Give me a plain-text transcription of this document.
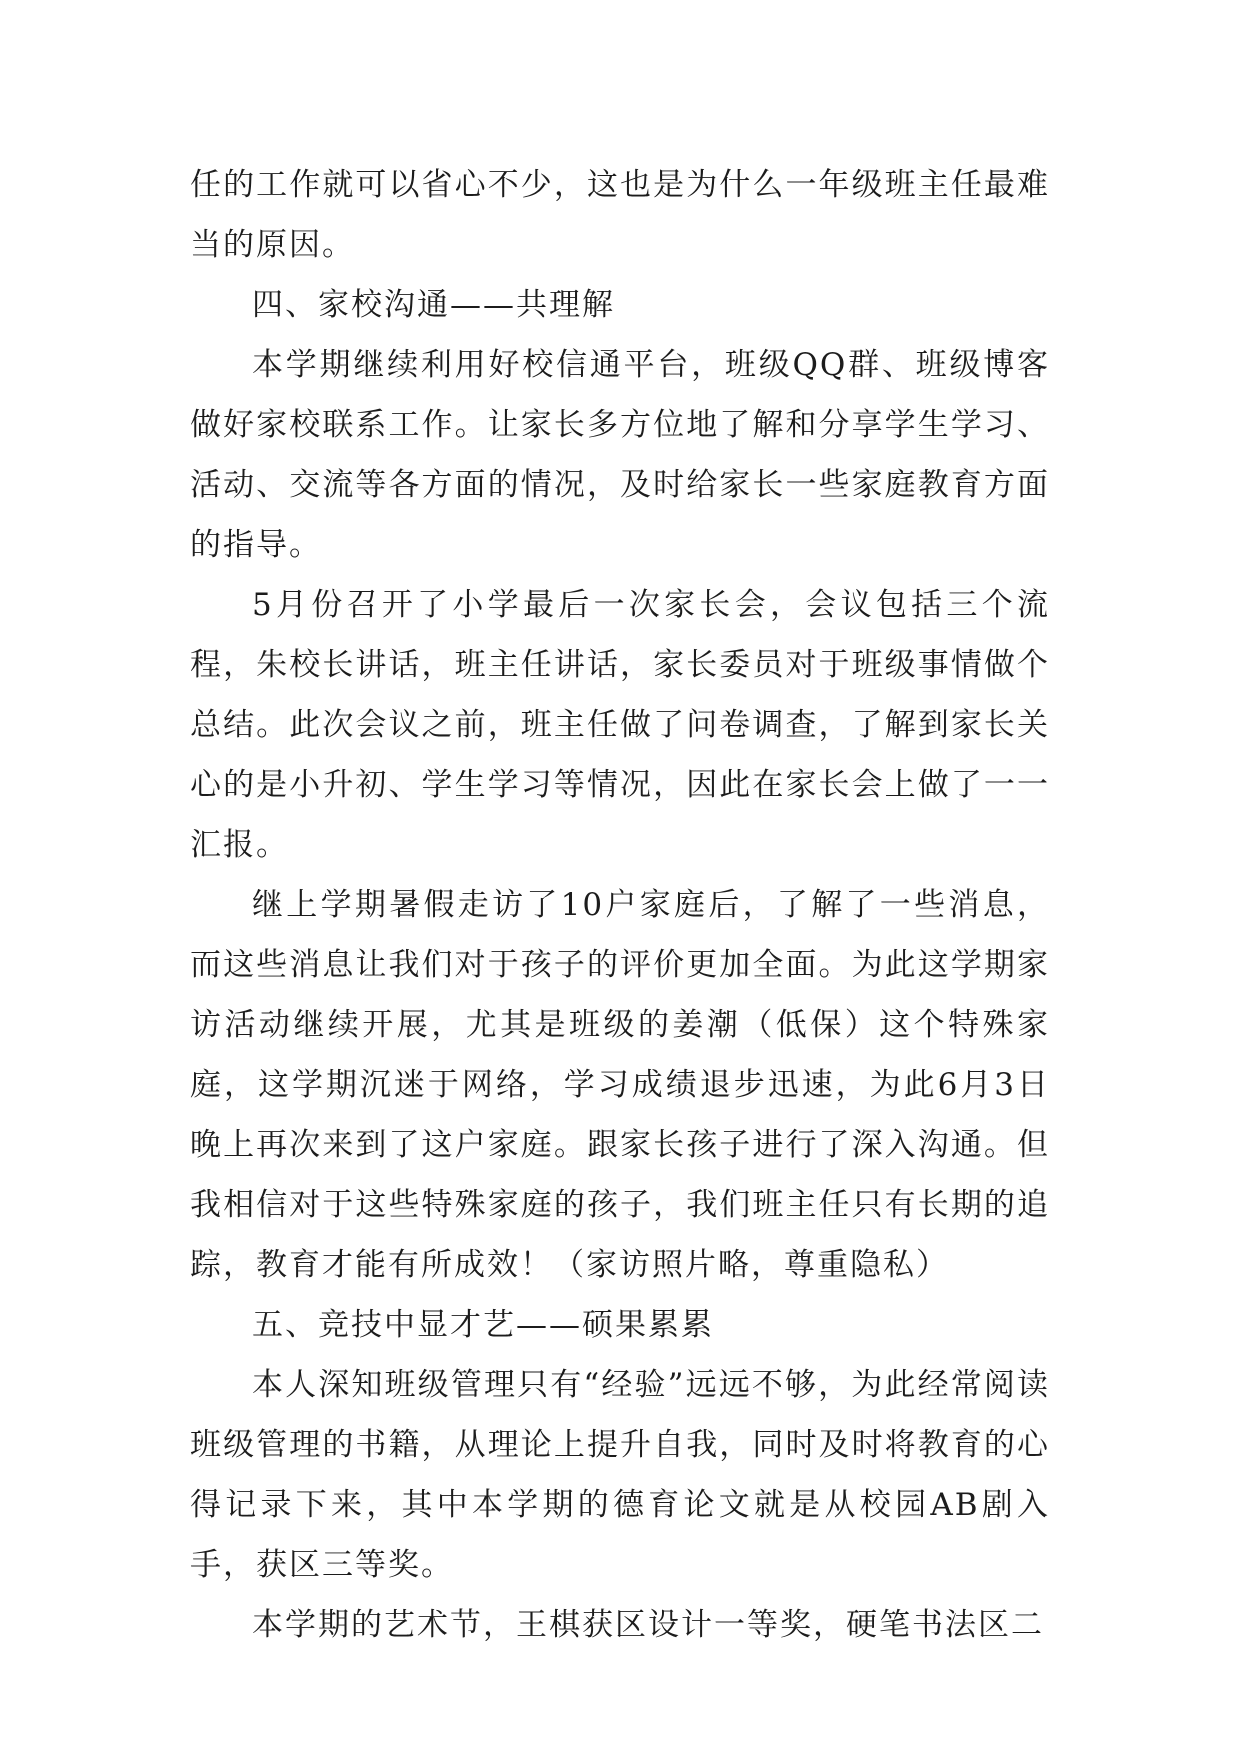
任的工作就可以省心不少，这也是为什么一年级班主任最难当的原因。

四、家校沟通——共理解

本学期继续利用好校信通平台，班级QQ群、班级博客做好家校联系工作。让家长多方位地了解和分享学生学习、活动、交流等各方面的情况，及时给家长一些家庭教育方面的指导。

5月份召开了小学最后一次家长会，会议包括三个流程，朱校长讲话，班主任讲话，家长委员对于班级事情做个总结。此次会议之前，班主任做了问卷调查，了解到家长关心的是小升初、学生学习等情况，因此在家长会上做了一一汇报。

继上学期暑假走访了10户家庭后，了解了一些消息，而这些消息让我们对于孩子的评价更加全面。为此这学期家访活动继续开展，尤其是班级的姜潮（低保）这个特殊家庭，这学期沉迷于网络，学习成绩退步迅速，为此6月3日晚上再次来到了这户家庭。跟家长孩子进行了深入沟通。但我相信对于这些特殊家庭的孩子，我们班主任只有长期的追踪，教育才能有所成效！（家访照片略，尊重隐私）

五、竞技中显才艺——硕果累累

本人深知班级管理只有“经验”远远不够，为此经常阅读班级管理的书籍，从理论上提升自我，同时及时将教育的心得记录下来，其中本学期的德育论文就是从校园AB剧入手，获区三等奖。

本学期的艺术节，王棋获区设计一等奖，硬笔书法区二
